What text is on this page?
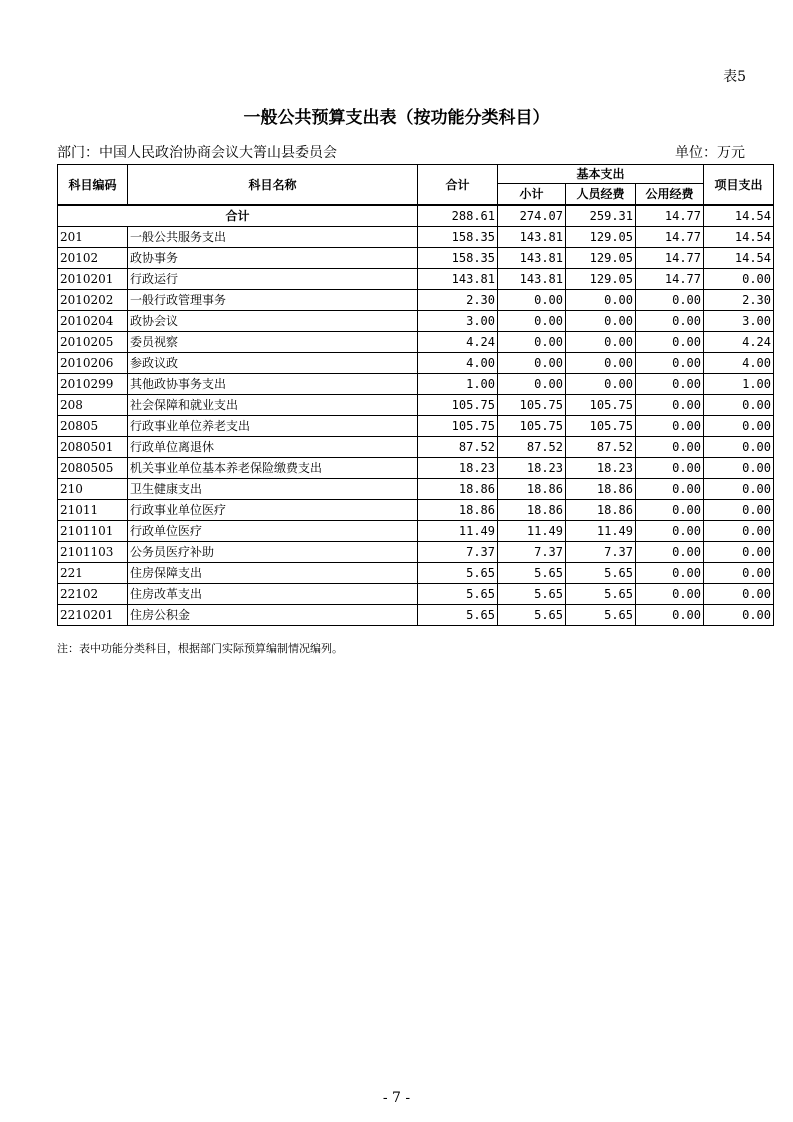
表5
一般公共预算支出表（按功能分类科目）
部门：中国人民政治协商会议大箐山县委员会	单位：万元
科目编码	科目名称	合计	基本支出			项目支出
			小计	人员经费	公用经费	
合计		288.61	274.07	259.31	14.77	14.54
201	一般公共服务支出	158.35	143.81	129.05	14.77	14.54
20102	政协事务	158.35	143.81	129.05	14.77	14.54
2010201	行政运行	143.81	143.81	129.05	14.77	0.00
2010202	一般行政管理事务	2.30	0.00	0.00	0.00	2.30
2010204	政协会议	3.00	0.00	0.00	0.00	3.00
2010205	委员视察	4.24	0.00	0.00	0.00	4.24
2010206	参政议政	4.00	0.00	0.00	0.00	4.00
2010299	其他政协事务支出	1.00	0.00	0.00	0.00	1.00
208	社会保障和就业支出	105.75	105.75	105.75	0.00	0.00
20805	行政事业单位养老支出	105.75	105.75	105.75	0.00	0.00
2080501	行政单位离退休	87.52	87.52	87.52	0.00	0.00
2080505	机关事业单位基本养老保险缴费支出	18.23	18.23	18.23	0.00	0.00
210	卫生健康支出	18.86	18.86	18.86	0.00	0.00
21011	行政事业单位医疗	18.86	18.86	18.86	0.00	0.00
2101101	行政单位医疗	11.49	11.49	11.49	0.00	0.00
2101103	公务员医疗补助	7.37	7.37	7.37	0.00	0.00
221	住房保障支出	5.65	5.65	5.65	0.00	0.00
22102	住房改革支出	5.65	5.65	5.65	0.00	0.00
2210201	住房公积金	5.65	5.65	5.65	0.00	0.00
注：表中功能分类科目，根据部门实际预算编制情况编列。
- 7 -
